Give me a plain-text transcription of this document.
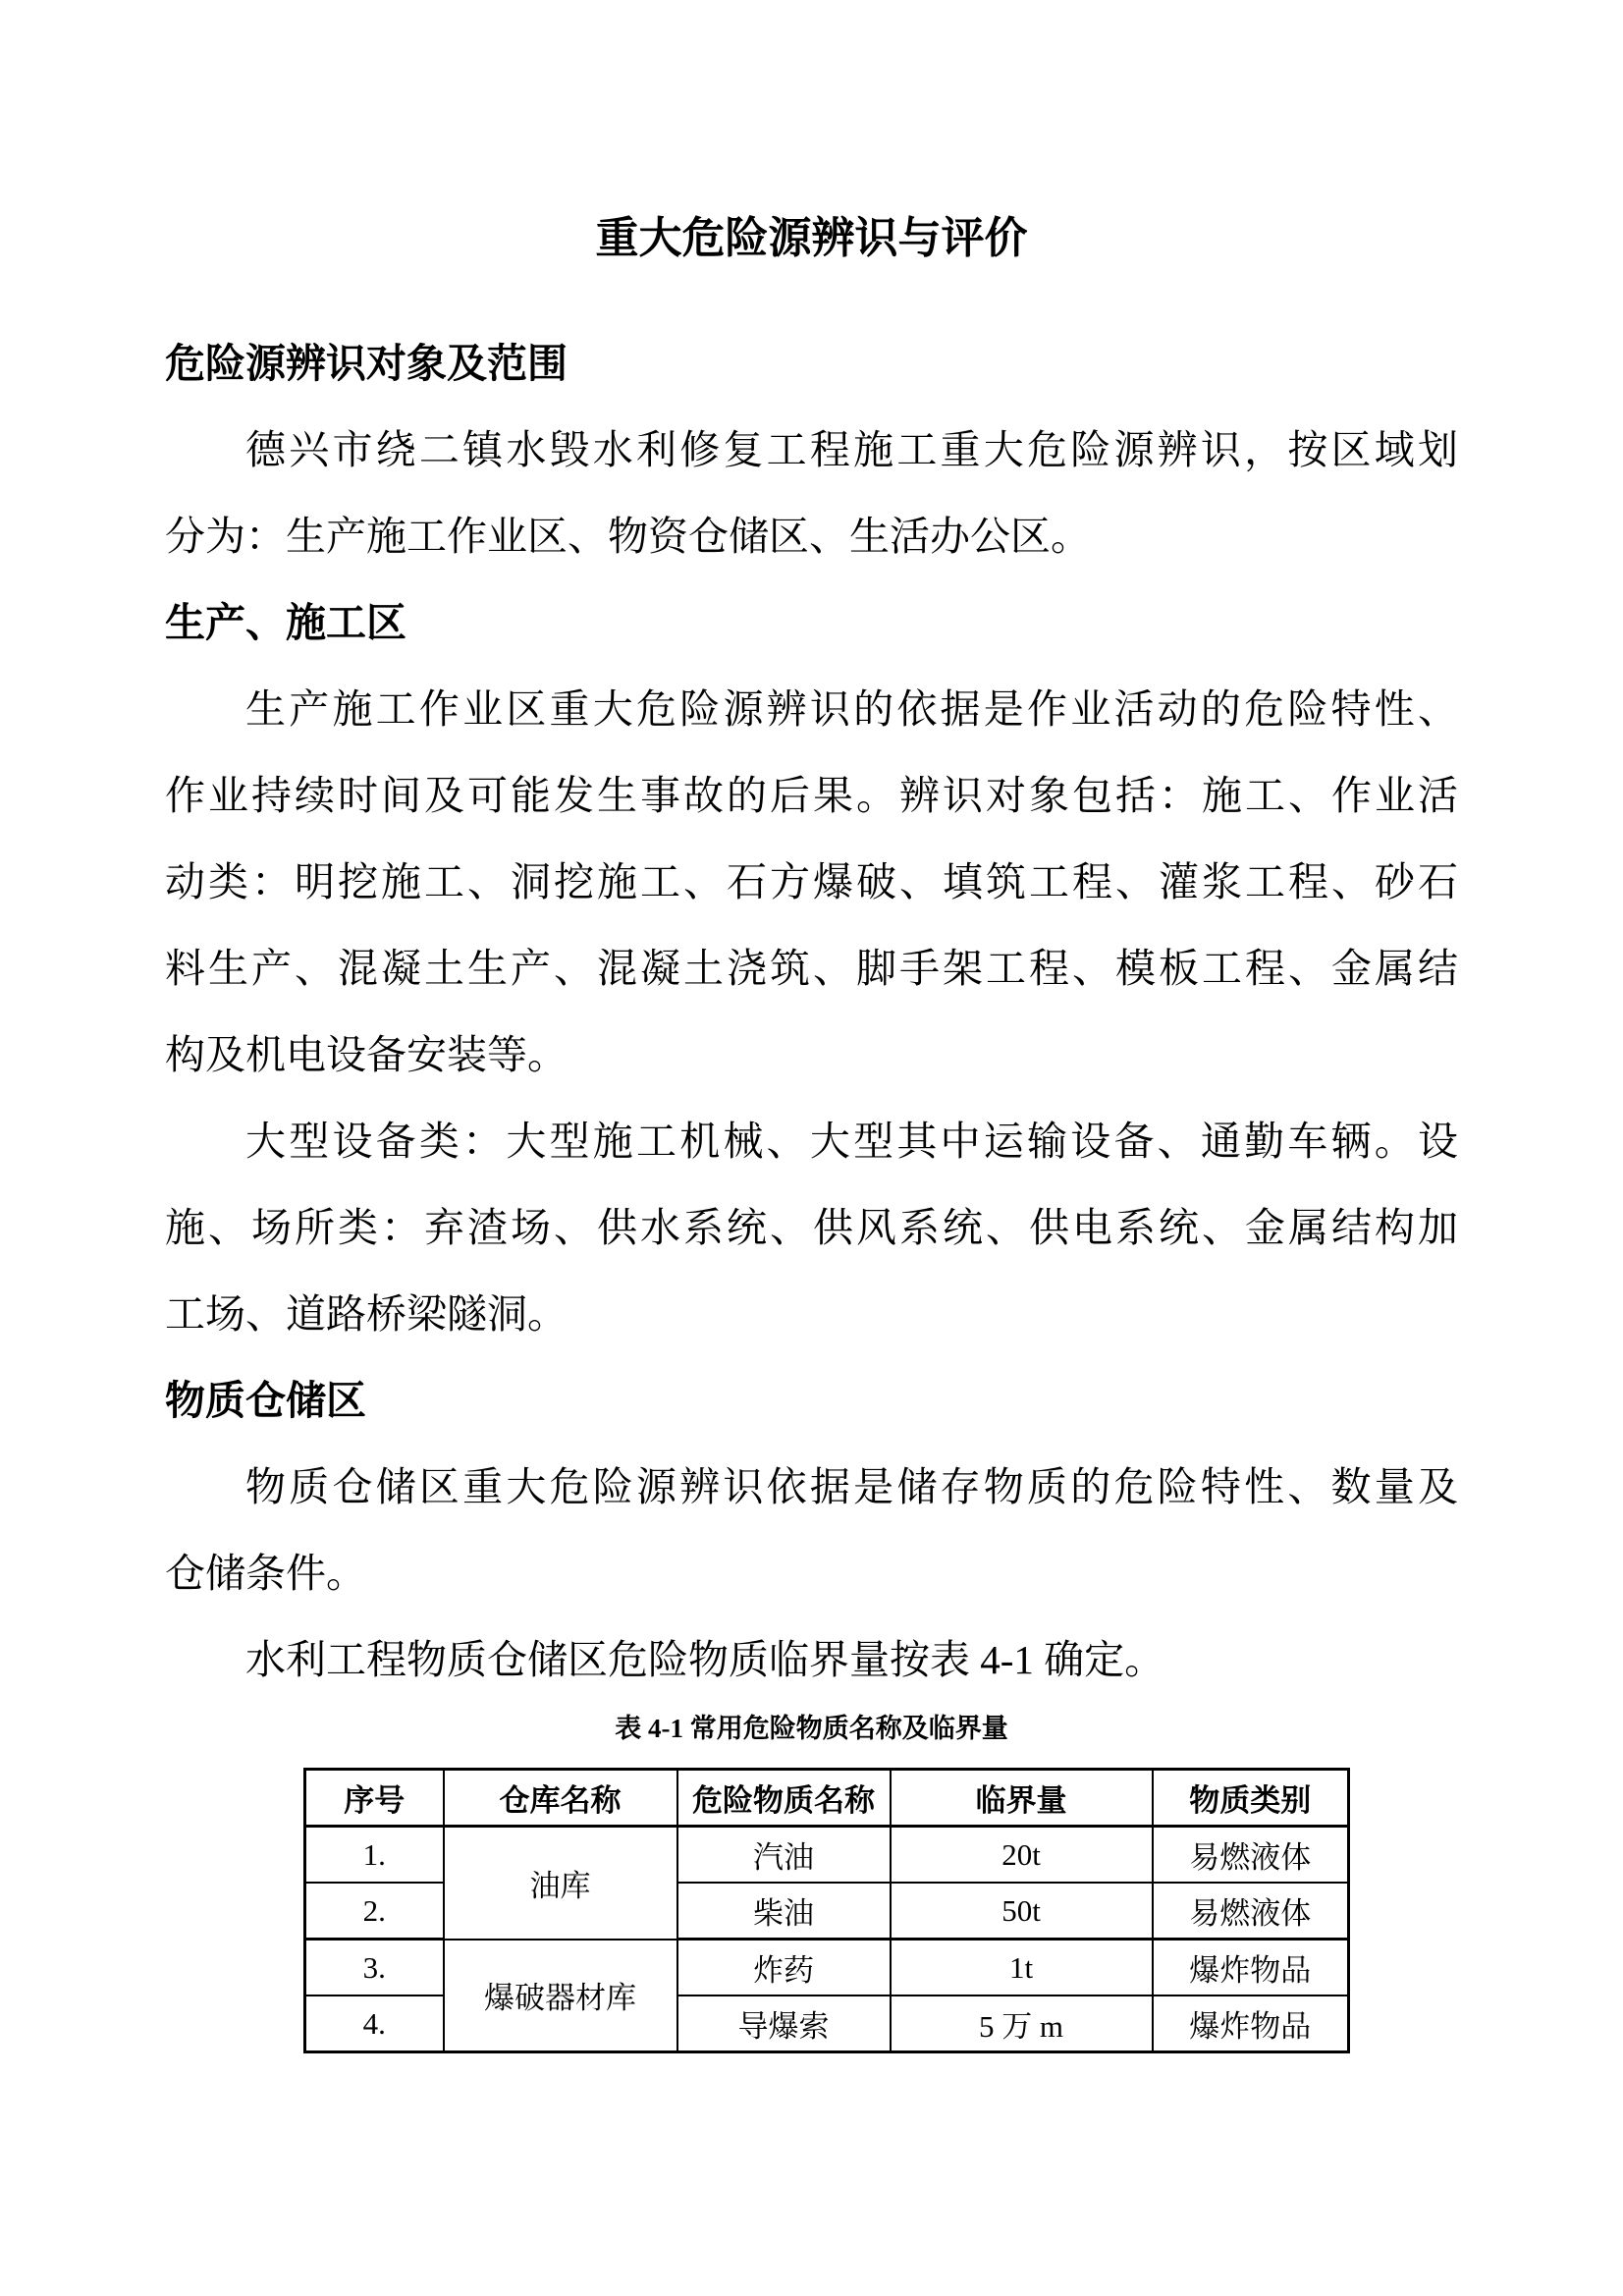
重大危险源辨识与评价
危险源辨识对象及范围
德兴市绕二镇水毁水利修复工程施工重大危险源辨识，按区域划
分为：生产施工作业区、物资仓储区、生活办公区。
生产、施工区
生产施工作业区重大危险源辨识的依据是作业活动的危险特性、
作业持续时间及可能发生事故的后果。辨识对象包括：施工、作业活
动类：明挖施工、洞挖施工、石方爆破、填筑工程、灌浆工程、砂石
料生产、混凝土生产、混凝土浇筑、脚手架工程、模板工程、金属结
构及机电设备安装等。
大型设备类：大型施工机械、大型其中运输设备、通勤车辆。设
施、场所类：弃渣场、供水系统、供风系统、供电系统、金属结构加
工场、道路桥梁隧洞。
物质仓储区
物质仓储区重大危险源辨识依据是储存物质的危险特性、数量及
仓储条件。
水利工程物质仓储区危险物质临界量按表 4-1 确定。
表 4-1 常用危险物质名称及临界量
序号	仓库名称	危险物质名称	临界量	物质类别
1.	油库	汽油	20t	易燃液体
2.		柴油	50t	易燃液体
3.	爆破器材库	炸药	1t	爆炸物品
4.		导爆索	5 万 m	爆炸物品
